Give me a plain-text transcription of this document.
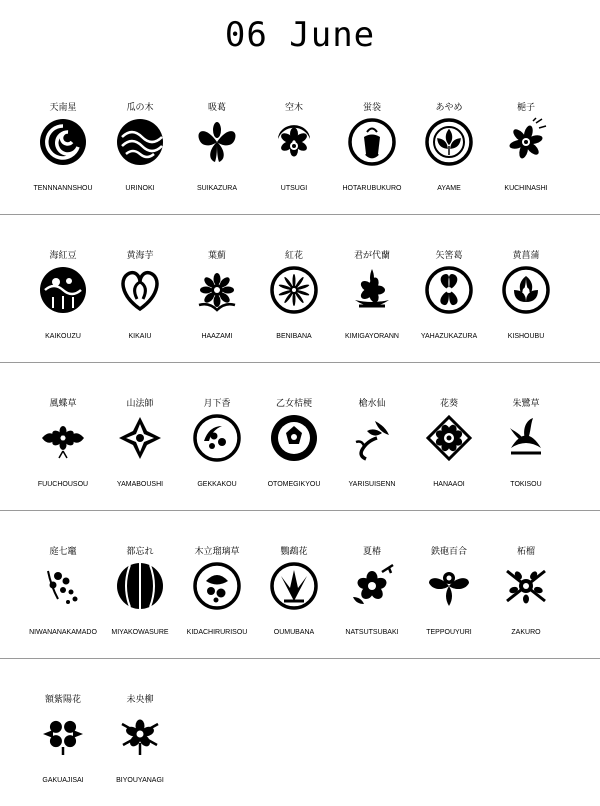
06 June
天南星
TENNNANNSHOU
瓜の木
URINOKI
吸葛
SUIKAZURA
空木
UTSUGI
蛍袋
HOTARUBUKURO
あやめ
AYAME
梔子
KUCHINASHI
海紅豆
KAIKOUZU
黄海芋
KIKAIU
葉薊
HAAZAMI
紅花
BENIBANA
君が代蘭
KIMIGAYORANN
矢筈葛
YAHAZUKAZURA
黄菖蒲
KISHOUBU
風蝶草
FUUCHOUSOU
山法師
YAMABOUSHI
月下香
GEKKAKOU
乙女桔梗
OTOMEGIKYOU
槍水仙
YARISUISENN
花葵
HANAAOI
朱鷺草
TOKISOU
庭七竈
NIWANANAKAMADO
都忘れ
MIYAKOWASURE
木立瑠璃草
KIDACHIRURISOU
鸚鵡花
OUMUBANA
夏椿
NATSUTSUBAKI
鉄砲百合
TEPPOUYURI
柘榴
ZAKURO
額紫陽花
GAKUAJISAI
未央柳
BIYOUYANAGI
